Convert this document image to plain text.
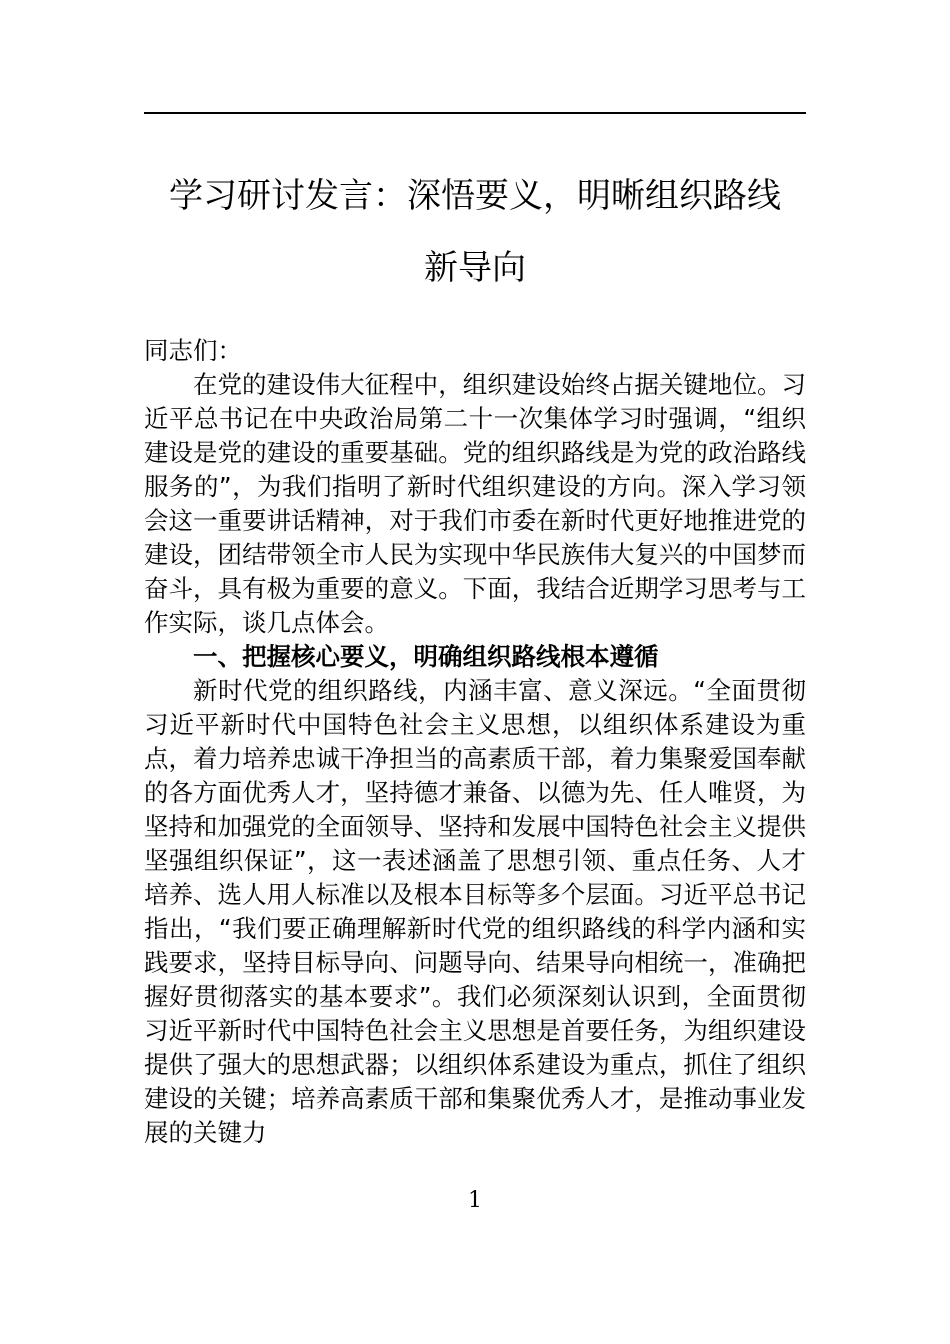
学习研讨发言：深悟要义，明晰组织路线
新导向

同志们：

在党的建设伟大征程中，组织建设始终占据关键地位。习近平总书记在中央政治局第二十一次集体学习时强调，“组织建设是党的建设的重要基础。党的组织路线是为党的政治路线服务的”，为我们指明了新时代组织建设的方向。深入学习领会这一重要讲话精神，对于我们市委在新时代更好地推进党的建设，团结带领全市人民为实现中华民族伟大复兴的中国梦而奋斗，具有极为重要的意义。下面，我结合近期学习思考与工作实际，谈几点体会。

一、把握核心要义，明确组织路线根本遵循

新时代党的组织路线，内涵丰富、意义深远。“全面贯彻习近平新时代中国特色社会主义思想，以组织体系建设为重点，着力培养忠诚干净担当的高素质干部，着力集聚爱国奉献的各方面优秀人才，坚持德才兼备、以德为先、任人唯贤，为坚持和加强党的全面领导、坚持和发展中国特色社会主义提供坚强组织保证”，这一表述涵盖了思想引领、重点任务、人才培养、选人用人标准以及根本目标等多个层面。习近平总书记指出，“我们要正确理解新时代党的组织路线的科学内涵和实践要求，坚持目标导向、问题导向、结果导向相统一，准确把握好贯彻落实的基本要求”。我们必须深刻认识到，全面贯彻习近平新时代中国特色社会主义思想是首要任务，为组织建设提供了强大的思想武器；以组织体系建设为重点，抓住了组织建设的关键；培养高素质干部和集聚优秀人才，是推动事业发展的关键力

1
